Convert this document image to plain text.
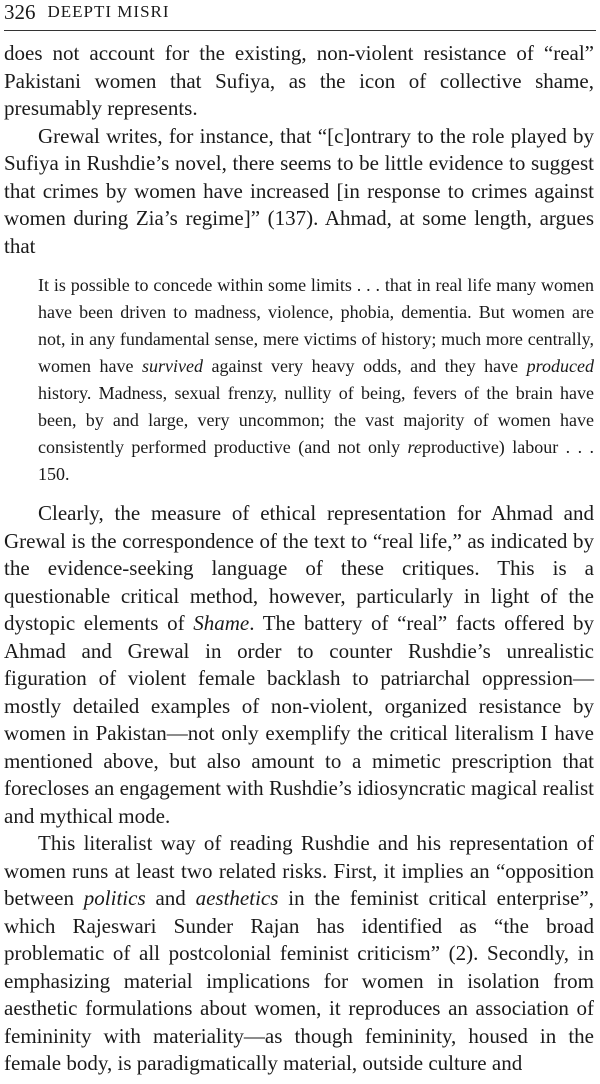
326 DEEPTI MISRI

does not account for the existing, non-violent resistance of “real” Pakistani women that Sufiya, as the icon of collective shame, presumably represents.

Grewal writes, for instance, that “[c]ontrary to the role played by Sufiya in Rushdie’s novel, there seems to be little evidence to suggest that crimes by women have increased [in response to crimes against women during Zia’s regime]” (137). Ahmad, at some length, argues that

It is possible to concede within some limits . . . that in real life many women have been driven to madness, violence, phobia, dementia. But women are not, in any fundamental sense, mere victims of history; much more centrally, women have survived against very heavy odds, and they have produced history. Madness, sexual frenzy, nullity of being, fevers of the brain have been, by and large, very uncommon; the vast majority of women have consistently performed productive (and not only reproductive) labour . . . 150.

Clearly, the measure of ethical representation for Ahmad and Grewal is the correspondence of the text to “real life,” as indicated by the evidence-seeking language of these critiques. This is a questionable critical method, however, particularly in light of the dystopic elements of Shame. The battery of “real” facts offered by Ahmad and Grewal in order to counter Rushdie’s unrealistic figuration of violent female backlash to patriarchal oppression—mostly detailed examples of non-violent, organized resistance by women in Pakistan—not only exemplify the critical literalism I have mentioned above, but also amount to a mimetic prescription that forecloses an engagement with Rushdie’s idiosyncratic magical realist and mythical mode.

This literalist way of reading Rushdie and his representation of women runs at least two related risks. First, it implies an “opposition between politics and aesthetics in the feminist critical enterprise”, which Rajeswari Sunder Rajan has identified as “the broad problematic of all postcolonial feminist criticism” (2). Secondly, in emphasizing material implications for women in isolation from aesthetic formulations about women, it reproduces an association of femininity with materiality—as though femininity, housed in the female body, is paradigmatically material, outside culture and
